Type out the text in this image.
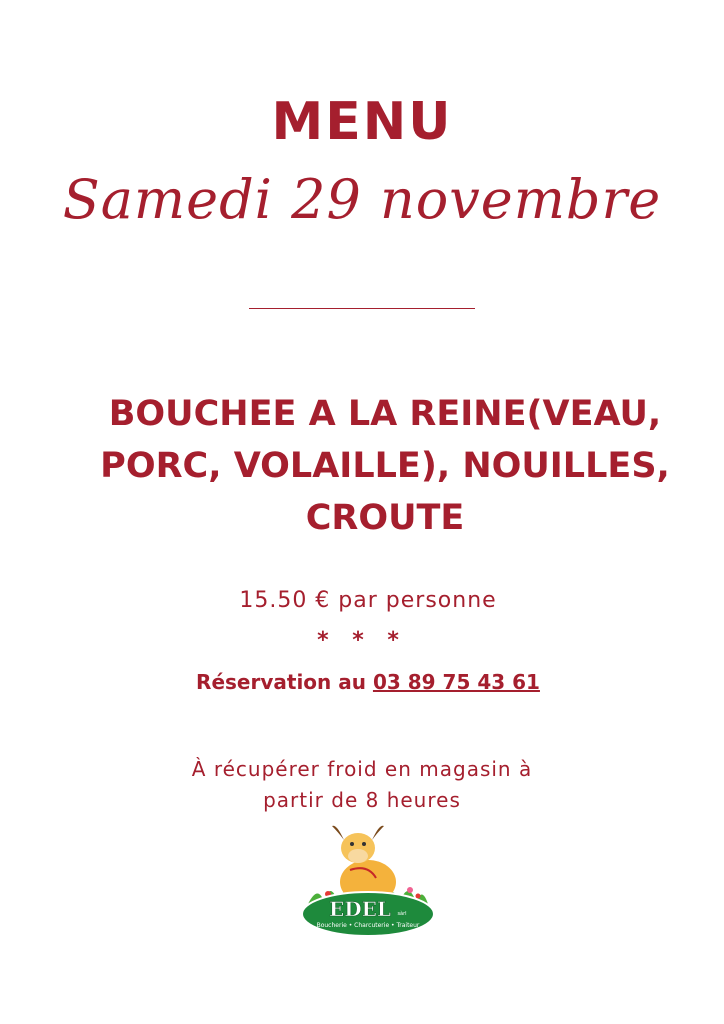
MENU
Samedi 29 novembre
BOUCHEE A LA REINE(VEAU,
PORC, VOLAILLE), NOUILLES,
CROUTE
15.50 € par personne
* * *
Réservation au 03 89 75 43 61
À récupérer froid en magasin à
partir de 8 heures
EDEL sàrl
Boucherie • Charcuterie • Traiteur
